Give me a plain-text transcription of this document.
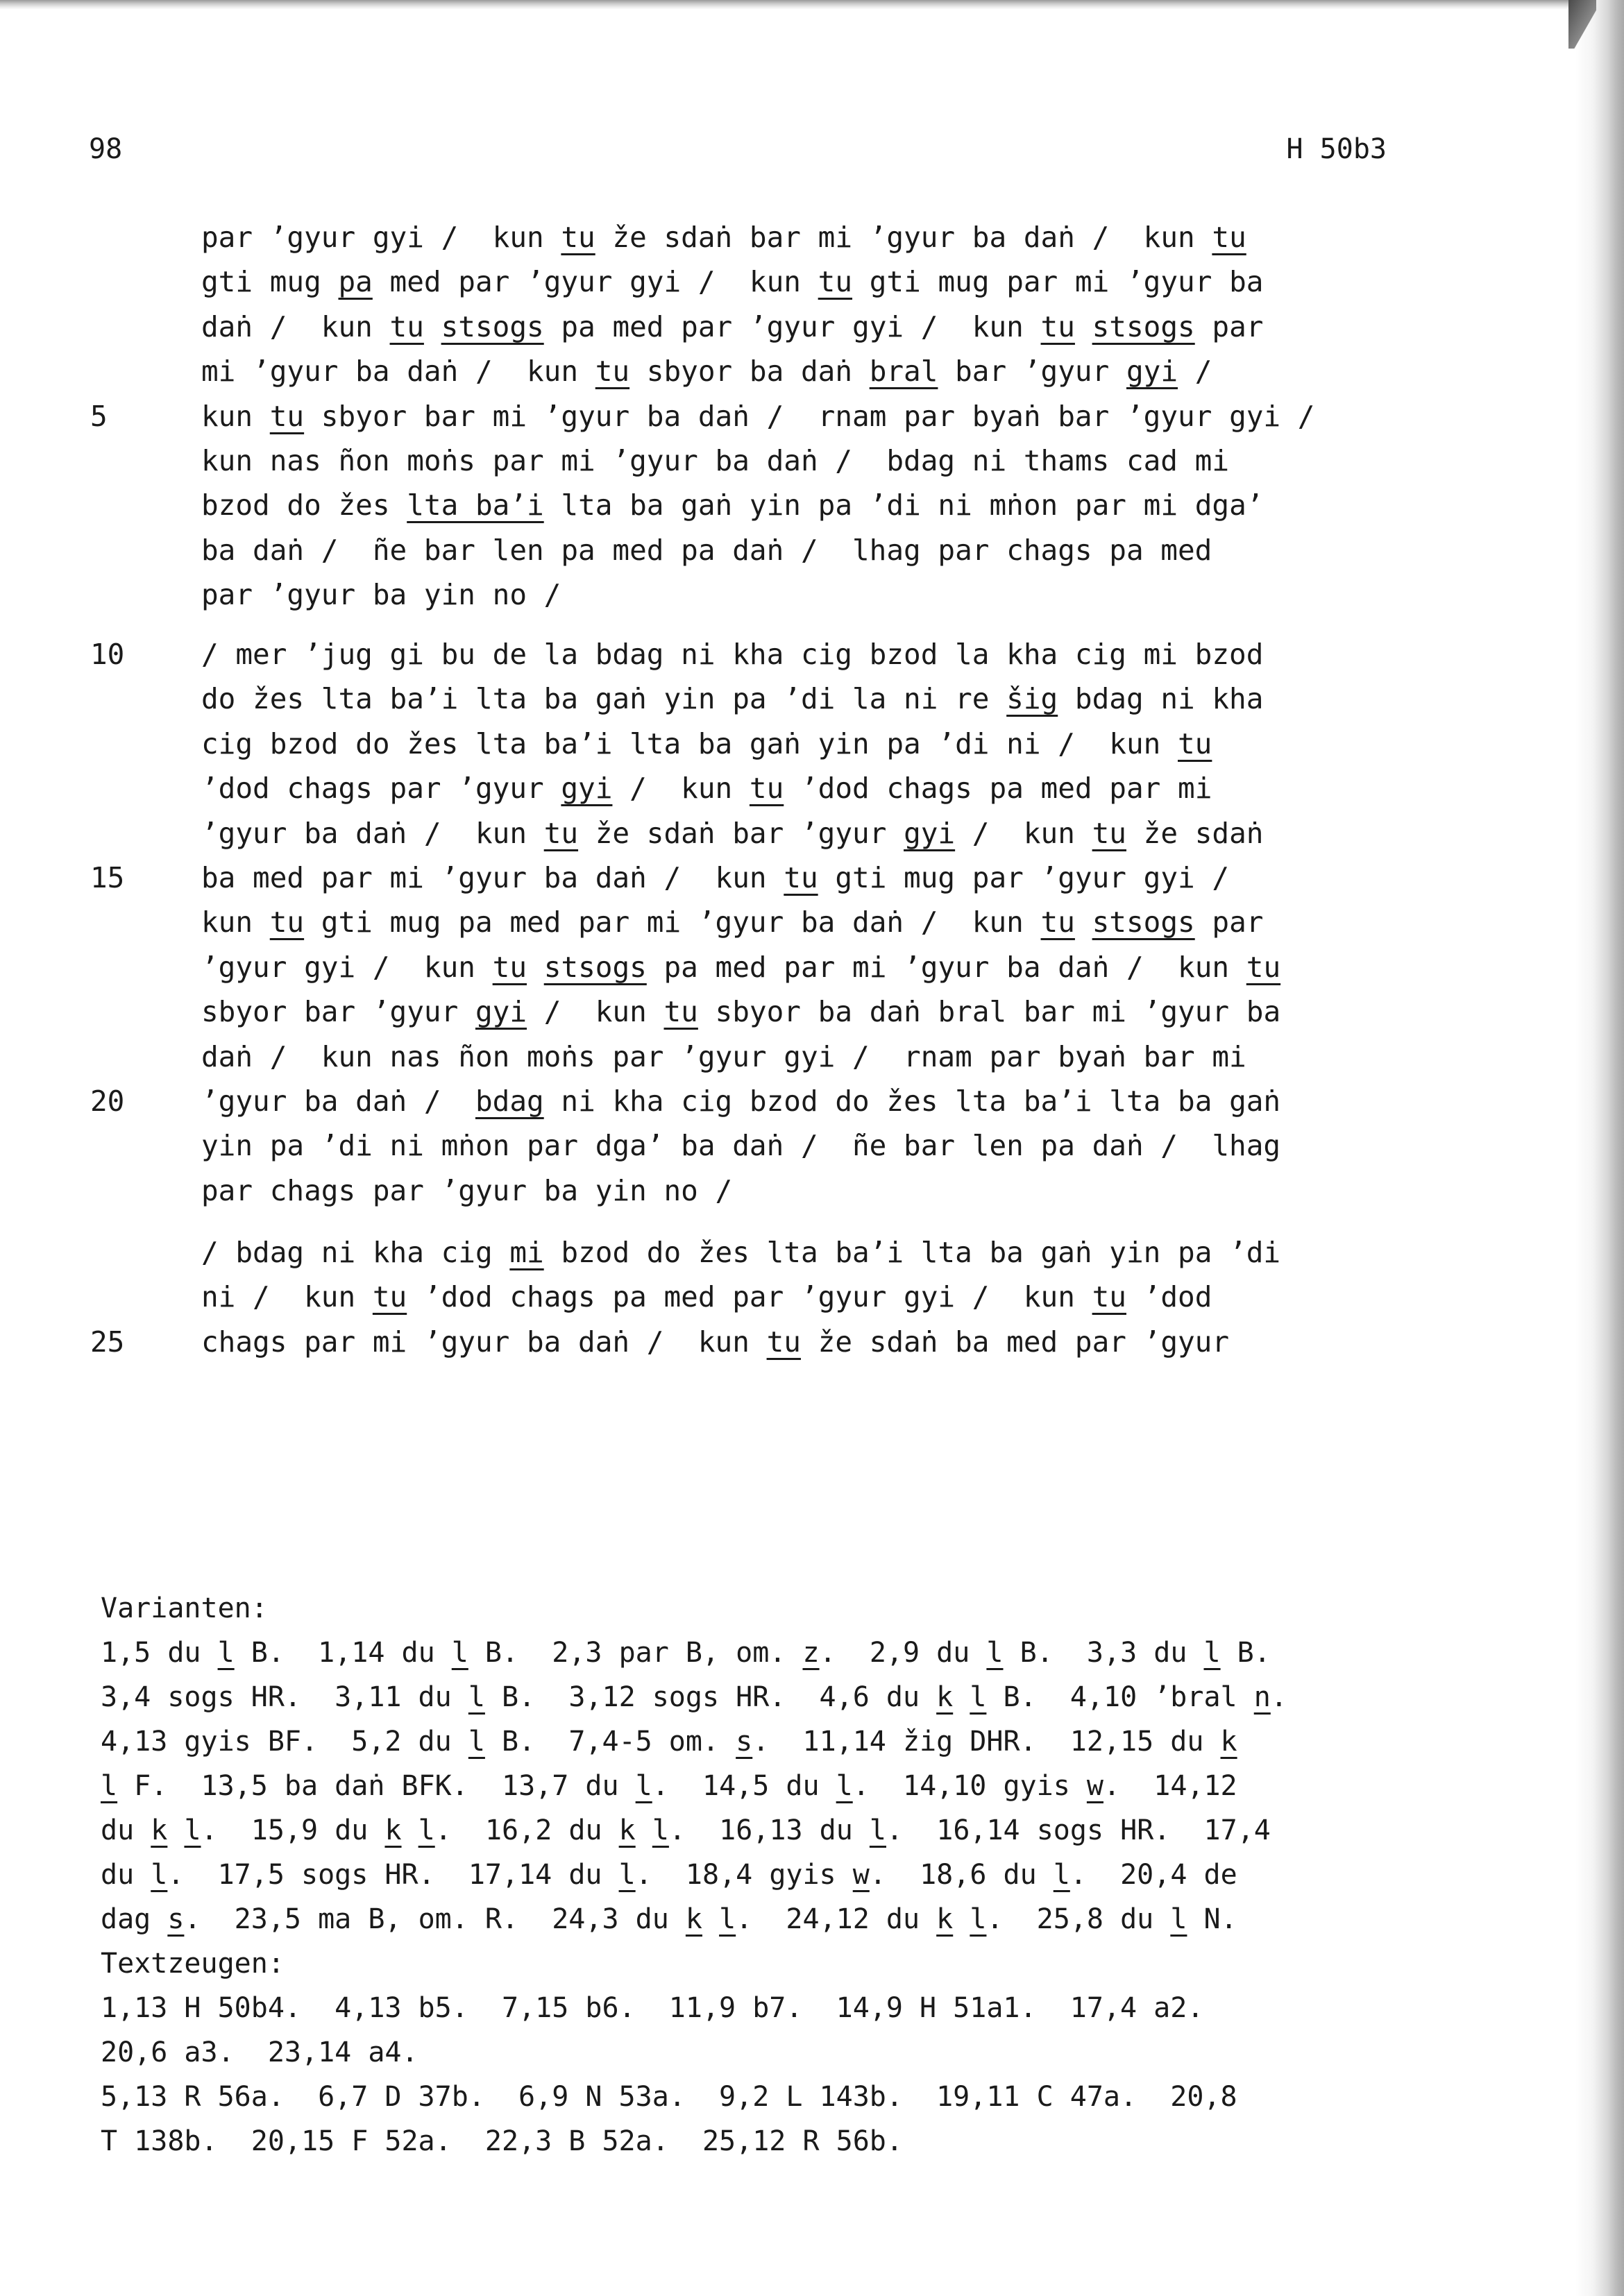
98	H 50b3
par ’gyur gyi /  kun tu že sdaṅ bar mi ’gyur ba daṅ /  kun tu
gti mug pa med par ’gyur gyi /  kun tu gti mug par mi ’gyur ba
daṅ /  kun tu stsogs pa med par ’gyur gyi /  kun tu stsogs par
mi ’gyur ba daṅ /  kun tu sbyor ba daṅ bral bar ’gyur gyi /
5	kun tu sbyor bar mi ’gyur ba daṅ /  rnam par byaṅ bar ’gyur gyi /
kun nas ñon moṅs par mi ’gyur ba daṅ /  bdag ni thams cad mi
bzod do žes lta ba’i lta ba gaṅ yin pa ’di ni mṅon par mi dga’
ba daṅ /  ñe bar len pa med pa daṅ /  lhag par chags pa med
par ’gyur ba yin no /
10	/ mer ’jug gi bu de la bdag ni kha cig bzod la kha cig mi bzod
do žes lta ba’i lta ba gaṅ yin pa ’di la ni re šig bdag ni kha
cig bzod do žes lta ba’i lta ba gaṅ yin pa ’di ni /  kun tu
’dod chags par ’gyur gyi /  kun tu ’dod chags pa med par mi
’gyur ba daṅ /  kun tu že sdaṅ bar ’gyur gyi /  kun tu že sdaṅ
15	ba med par mi ’gyur ba daṅ /  kun tu gti mug par ’gyur gyi /
kun tu gti mug pa med par mi ’gyur ba daṅ /  kun tu stsogs par
’gyur gyi /  kun tu stsogs pa med par mi ’gyur ba daṅ /  kun tu
sbyor bar ’gyur gyi /  kun tu sbyor ba daṅ bral bar mi ’gyur ba
daṅ /  kun nas ñon moṅs par ’gyur gyi /  rnam par byaṅ bar mi
20	’gyur ba daṅ /  bdag ni kha cig bzod do žes lta ba’i lta ba gaṅ
yin pa ’di ni mṅon par dga’ ba daṅ /  ñe bar len pa daṅ /  lhag
par chags par ’gyur ba yin no /
/ bdag ni kha cig mi bzod do žes lta ba’i lta ba gaṅ yin pa ’di
ni /  kun tu ’dod chags pa med par ’gyur gyi /  kun tu ’dod
25	chags par mi ’gyur ba daṅ /  kun tu že sdaṅ ba med par ’gyur
Varianten:
1,5 du l B.  1,14 du l B.  2,3 par B, om. z.  2,9 du l B.  3,3 du l B.
3,4 sogs HR.  3,11 du l B.  3,12 sogs HR.  4,6 du k l B.  4,10 ’bral n.
4,13 gyis BF.  5,2 du l B.  7,4-5 om. s.  11,14 žig DHR.  12,15 du k
l F.  13,5 ba daṅ BFK.  13,7 du l.  14,5 du l.  14,10 gyis w.  14,12
du k l.  15,9 du k l.  16,2 du k l.  16,13 du l.  16,14 sogs HR.  17,4
du l.  17,5 sogs HR.  17,14 du l.  18,4 gyis w.  18,6 du l.  20,4 de
dag s.  23,5 ma B, om. R.  24,3 du k l.  24,12 du k l.  25,8 du l N.
Textzeugen:
1,13 H 50b4.  4,13 b5.  7,15 b6.  11,9 b7.  14,9 H 51a1.  17,4 a2.
20,6 a3.  23,14 a4.
5,13 R 56a.  6,7 D 37b.  6,9 N 53a.  9,2 L 143b.  19,11 C 47a.  20,8
T 138b.  20,15 F 52a.  22,3 B 52a.  25,12 R 56b.
